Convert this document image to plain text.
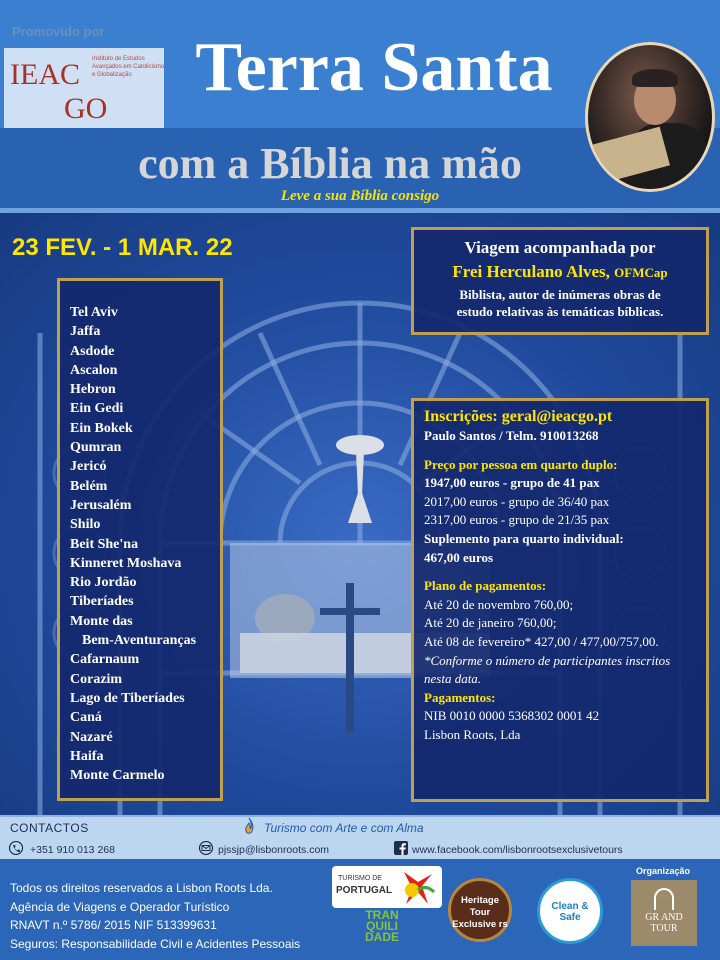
Promovido por
IEAC
GO
Instituto de Estudos Avançados em Catolicismo e Globalização Terra Santa
com a Bíblia na mão
Leve a sua Bíblia consigo
23 FEV. - 1 MAR. 22
Tel Aviv
Jaffa
Asdode
Ascalon
Hebron
Ein Gedi
Ein Bokek
Qumran
Jericó
Belém
Jerusalém
Shilo
Beit She'na
Kinneret Moshava
Rio Jordão
Tiberíades
Monte das
Bem-Aventuranças
Cafarnaum
Corazim
Lago de Tiberíades
Caná
Nazaré
Haifa
Monte Carmelo
Viagem acompanhada por
Frei Herculano Alves, OFMCap
Biblista, autor de inúmeras obras de
estudo relativas às temáticas bíblicas.
Inscrições: geral@ieacgo.pt
Paulo Santos / Telm. 910013268
Preço por pessoa em quarto duplo:
1947,00 euros - grupo de 41 pax
2017,00 euros - grupo de 36/40 pax
2317,00 euros - grupo de 21/35 pax
Suplemento para quarto individual:
467,00 euros
Plano de pagamentos:
Até 20 de novembro 760,00;
Até 20 de janeiro 760,00;
Até 08 de fevereiro* 427,00 / 477,00/757,00.
*Conforme o número de participantes inscritos
nesta data.
Pagamentos:
NIB 0010 0000 5368302 0001 42
Lisbon Roots, Lda
CONTACTOS	Turismo com Arte e com Alma
+351 910 013 268	pjssjp@lisbonroots.com	www.facebook.com/lisbonrootsexclusivetours
Todos os direitos reservados a Lisbon Roots Lda.
Agência de Viagens e Operador Turístico
RNAVT n.º 5786/ 2015 NIF 513399631
Seguros: Responsabilidade Civil e Acidentes Pessoais
TURISMO DE
PORTUGAL
TRAN QUILI DADE
Heritage Tour Exclusive rs
Clean & Safe
Organização
GR AND TOUR
